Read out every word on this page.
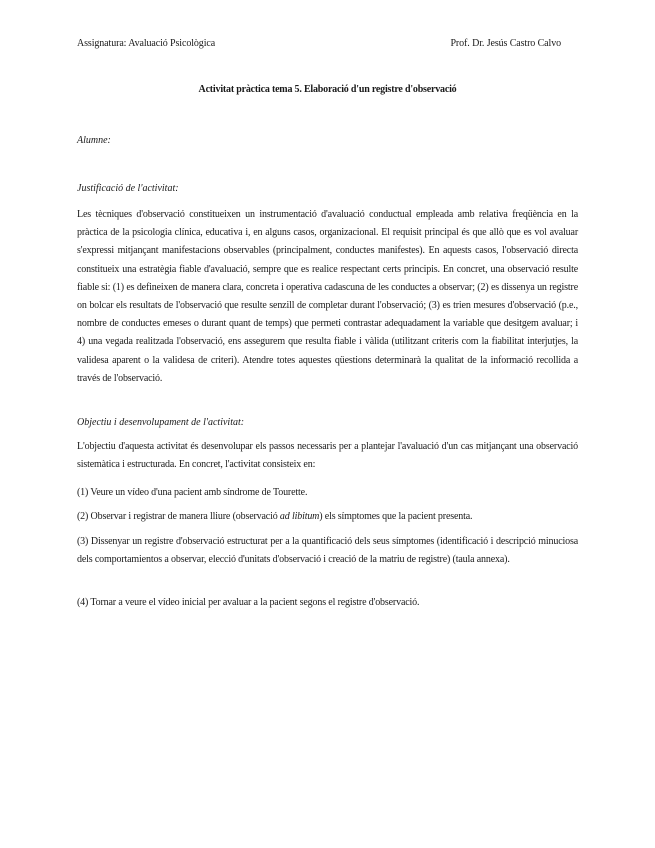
Assignatura: Avaluació Psicològica	Prof. Dr. Jesús Castro Calvo
Activitat pràctica tema 5. Elaboració d'un registre d'observació
Alumne:
Justificació de l'activitat:
Les tècniques d'observació constitueixen un instrumentació d'avaluació conductual empleada amb relativa freqüència en la pràctica de la psicologia clínica, educativa i, en alguns casos, organizacional. El requisit principal és que allò que es vol avaluar s'expressi mitjançant manifestacions observables (principalment, conductes manifestes). En aquests casos, l'observació directa constitueix una estratègia fiable d'avaluació, sempre que es realice respectant certs principis. En concret, una observació resulte fiable si: (1) es defineixen de manera clara, concreta i operativa cadascuna de les conductes a observar; (2) es dissenya un registre on bolcar els resultats de l'observació que resulte senzill de completar durant l'observació; (3) es trien mesures d'observació (p.e., nombre de conductes emeses o durant quant de temps) que permeti contrastar adequadament la variable que desitgem avaluar; i 4) una vegada realitzada l'observació, ens assegurem que resulta fiable i vàlida (utilitzant criteris com la fiabilitat interjutjes, la validesa aparent o la validesa de criteri). Atendre totes aquestes qüestions determinarà la qualitat de la informació recollida a través de l'observació.
Objectiu i desenvolupament de l'activitat:
L'objectiu d'aquesta activitat és desenvolupar els passos necessaris per a plantejar l'avaluació d'un cas mitjançant una observació sistemàtica i estructurada. En concret, l'activitat consisteix en:
(1) Veure un vídeo d'una pacient amb síndrome de Tourette.
(2) Observar i registrar de manera lliure (observació ad libitum) els símptomes que la pacient presenta.
(3) Dissenyar un registre d'observació estructurat per a la quantificació dels seus símptomes (identificació i descripció minuciosa dels comportamientos a observar, elecció d'unitats d'observació i creació de la matriu de registre) (taula annexa).
(4) Tornar a veure el vídeo inicial per avaluar a la pacient segons el registre d'observació.
